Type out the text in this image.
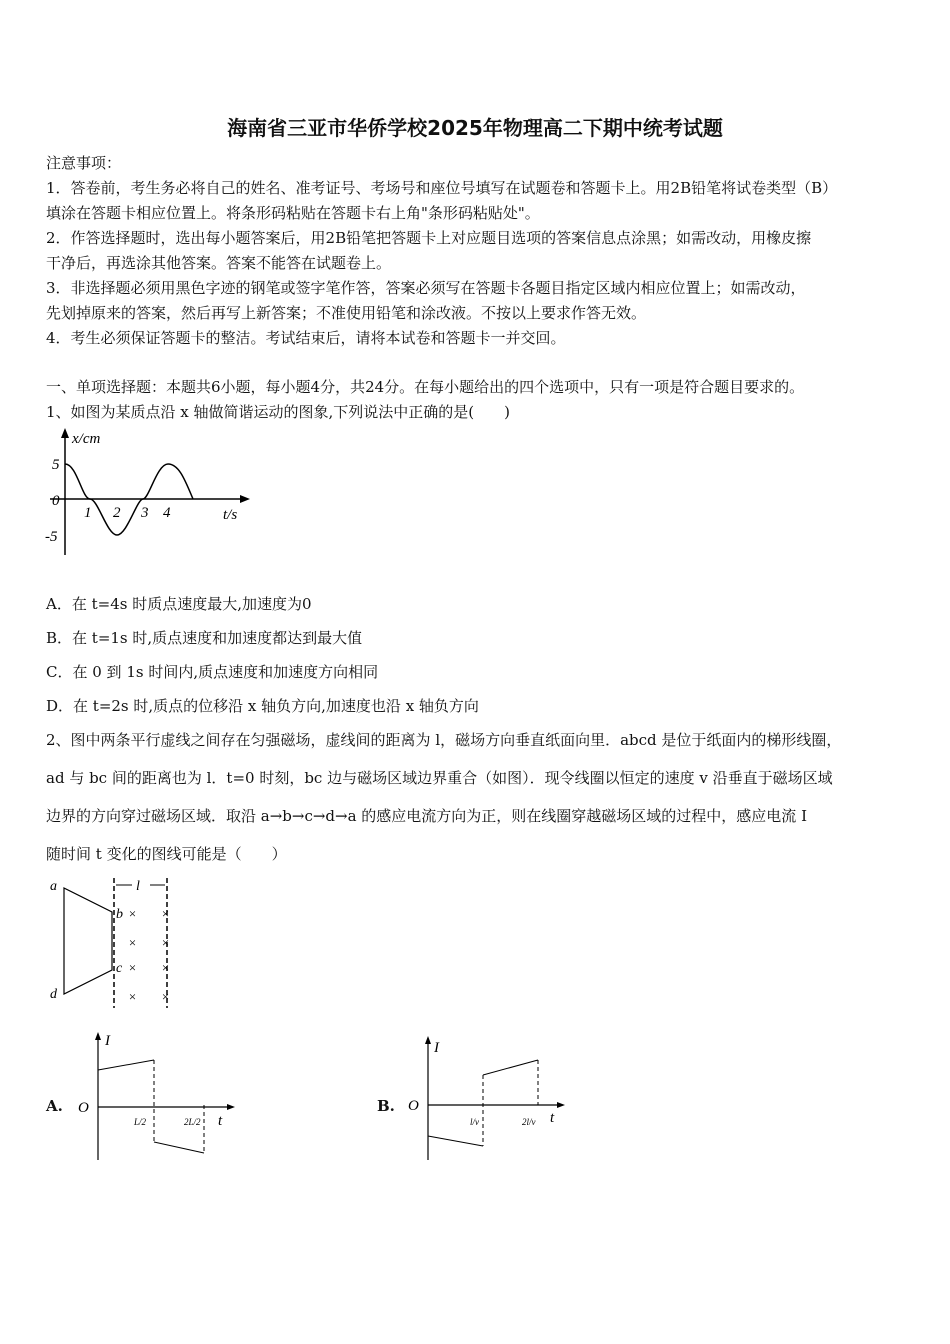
海南省三亚市华侨学校2025年物理高二下期中统考试题
注意事项：
1．答卷前，考生务必将自己的姓名、准考证号、考场号和座位号填写在试题卷和答题卡上。用2B铅笔将试卷类型（B）
填涂在答题卡相应位置上。将条形码粘贴在答题卡右上角"条形码粘贴处"。
2．作答选择题时，选出每小题答案后，用2B铅笔把答题卡上对应题目选项的答案信息点涂黑；如需改动，用橡皮擦
干净后，再选涂其他答案。答案不能答在试题卷上。
3．非选择题必须用黑色字迹的钢笔或签字笔作答，答案必须写在答题卡各题目指定区域内相应位置上；如需改动，
先划掉原来的答案，然后再写上新答案；不准使用铅笔和涂改液。不按以上要求作答无效。
4．考生必须保证答题卡的整洁。考试结束后，请将本试卷和答题卡一并交回。
一、单项选择题：本题共6小题，每小题4分，共24分。在每小题给出的四个选项中，只有一项是符合题目要求的。
1、如图为某质点沿 x 轴做简谐运动的图象,下列说法中正确的是(　　)
x/cm
t/s
5
0
-5
1 2 3 4
A．在 t=4s 时质点速度最大,加速度为0
B．在 t=1s 时,质点速度和加速度都达到最大值
C．在 0 到 1s 时间内,质点速度和加速度方向相同
D．在 t=2s 时,质点的位移沿 x 轴负方向,加速度也沿 x 轴负方向
2、图中两条平行虚线之间存在匀强磁场，虚线间的距离为 l，磁场方向垂直纸面向里．abcd 是位于纸面内的梯形线圈，
ad 与 bc 间的距离也为 l．t=0 时刻，bc 边与磁场区域边界重合（如图）．现令线圈以恒定的速度 v 沿垂直于磁场区域
边界的方向穿过磁场区域．取沿 a→b→c→d→a 的感应电流方向为正，则在线圈穿越磁场区域的过程中，感应电流 I
随时间 t 变化的图线可能是（　　）
l
a
b
c
d
× ×
× ×
× ×
× ×
A.
I
O
t
L/2	2L/2
B.
I
O
t
l/v	2l/v
